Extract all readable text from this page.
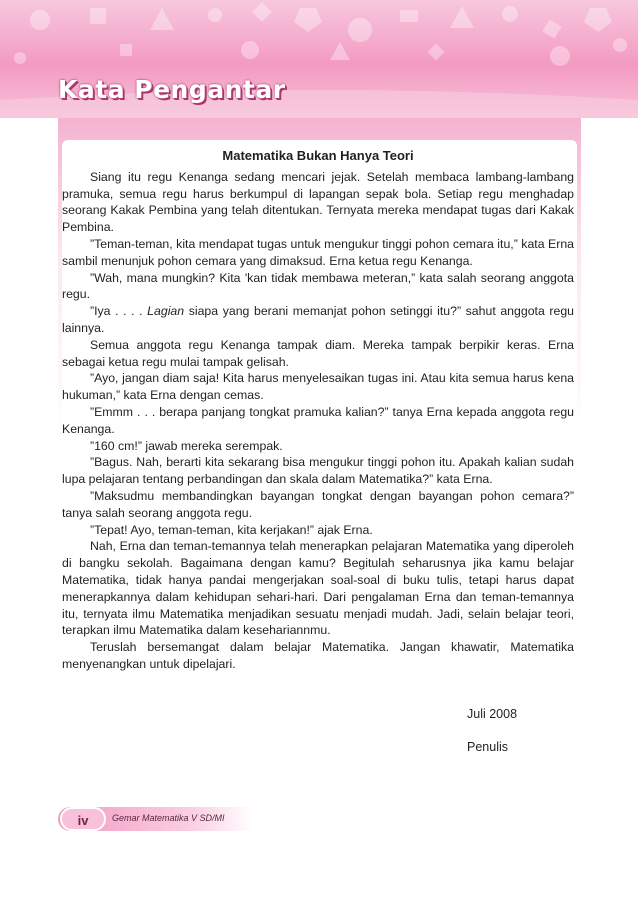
Kata Pengantar

Matematika Bukan Hanya Teori

Siang itu regu Kenanga sedang mencari jejak. Setelah membaca lambang-lambang pramuka, semua regu harus berkumpul di lapangan sepak bola. Setiap regu menghadap seorang Kakak Pembina yang telah ditentukan. Ternyata mereka mendapat tugas dari Kakak Pembina.

”Teman-teman, kita mendapat tugas untuk mengukur tinggi pohon cemara itu,” kata Erna sambil menunjuk pohon cemara yang dimaksud. Erna ketua regu Kenanga.

”Wah, mana mungkin? Kita 'kan tidak membawa meteran,” kata salah seorang anggota regu.

”Iya . . . . Lagian siapa yang berani memanjat pohon setinggi itu?” sahut anggota regu lainnya.

Semua anggota regu Kenanga tampak diam. Mereka tampak berpikir keras. Erna sebagai ketua regu mulai tampak gelisah.

”Ayo, jangan diam saja! Kita harus menyelesaikan tugas ini. Atau kita semua harus kena hukuman,” kata Erna dengan cemas.

”Emmm . . . berapa panjang tongkat pramuka kalian?” tanya Erna kepada anggota regu Kenanga.

”160 cm!” jawab mereka serempak.

”Bagus. Nah, berarti kita sekarang bisa mengukur tinggi pohon itu. Apakah kalian sudah lupa pelajaran tentang perbandingan dan skala dalam Matematika?” kata Erna.

”Maksudmu membandingkan bayangan tongkat dengan bayangan pohon cemara?” tanya salah seorang anggota regu.

”Tepat! Ayo, teman-teman, kita kerjakan!” ajak Erna.

Nah, Erna dan teman-temannya telah menerapkan pelajaran Matematika yang diperoleh di bangku sekolah. Bagaimana dengan kamu? Begitulah seharusnya jika kamu belajar Matematika, tidak hanya pandai mengerjakan soal-soal di buku tulis, tetapi harus dapat menerapkannya dalam kehidupan sehari-hari. Dari pengalaman Erna dan teman-temannya itu, ternyata ilmu Matematika menjadikan sesuatu menjadi mudah. Jadi, selain belajar teori, terapkan ilmu Matematika dalam kesehariannmu.

Teruslah bersemangat dalam belajar Matematika. Jangan khawatir, Matematika menyenangkan untuk dipelajari.

Juli 2008
Penulis
iv	Gemar Matematika V SD/MI
